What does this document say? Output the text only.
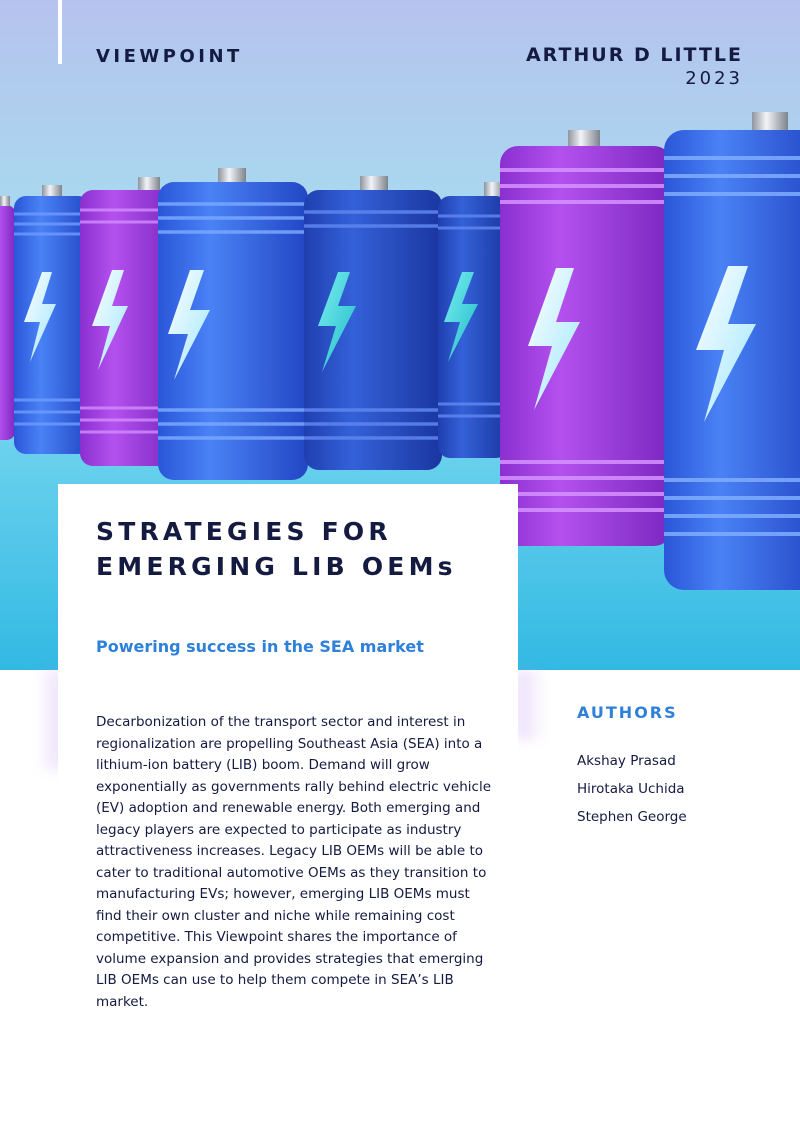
VIEWPOINT	ARTHUR D LITTLE
2023
STRATEGIES FOR
EMERGING LIB OEMs

Powering success in the SEA market

Decarbonization of the transport sector and interest in regionalization are propelling Southeast Asia (SEA) into a lithium-ion battery (LIB) boom. Demand will grow exponentially as governments rally behind electric vehicle (EV) adoption and renewable energy. Both emerging and legacy players are expected to participate as industry attractiveness increases. Legacy LIB OEMs will be able to cater to traditional automotive OEMs as they transition to manufacturing EVs; however, emerging LIB OEMs must find their own cluster and niche while remaining cost competitive. This Viewpoint shares the importance of volume expansion and provides strategies that emerging LIB OEMs can use to help them compete in SEA’s LIB market.

AUTHORS
Akshay Prasad
Hirotaka Uchida
Stephen George
